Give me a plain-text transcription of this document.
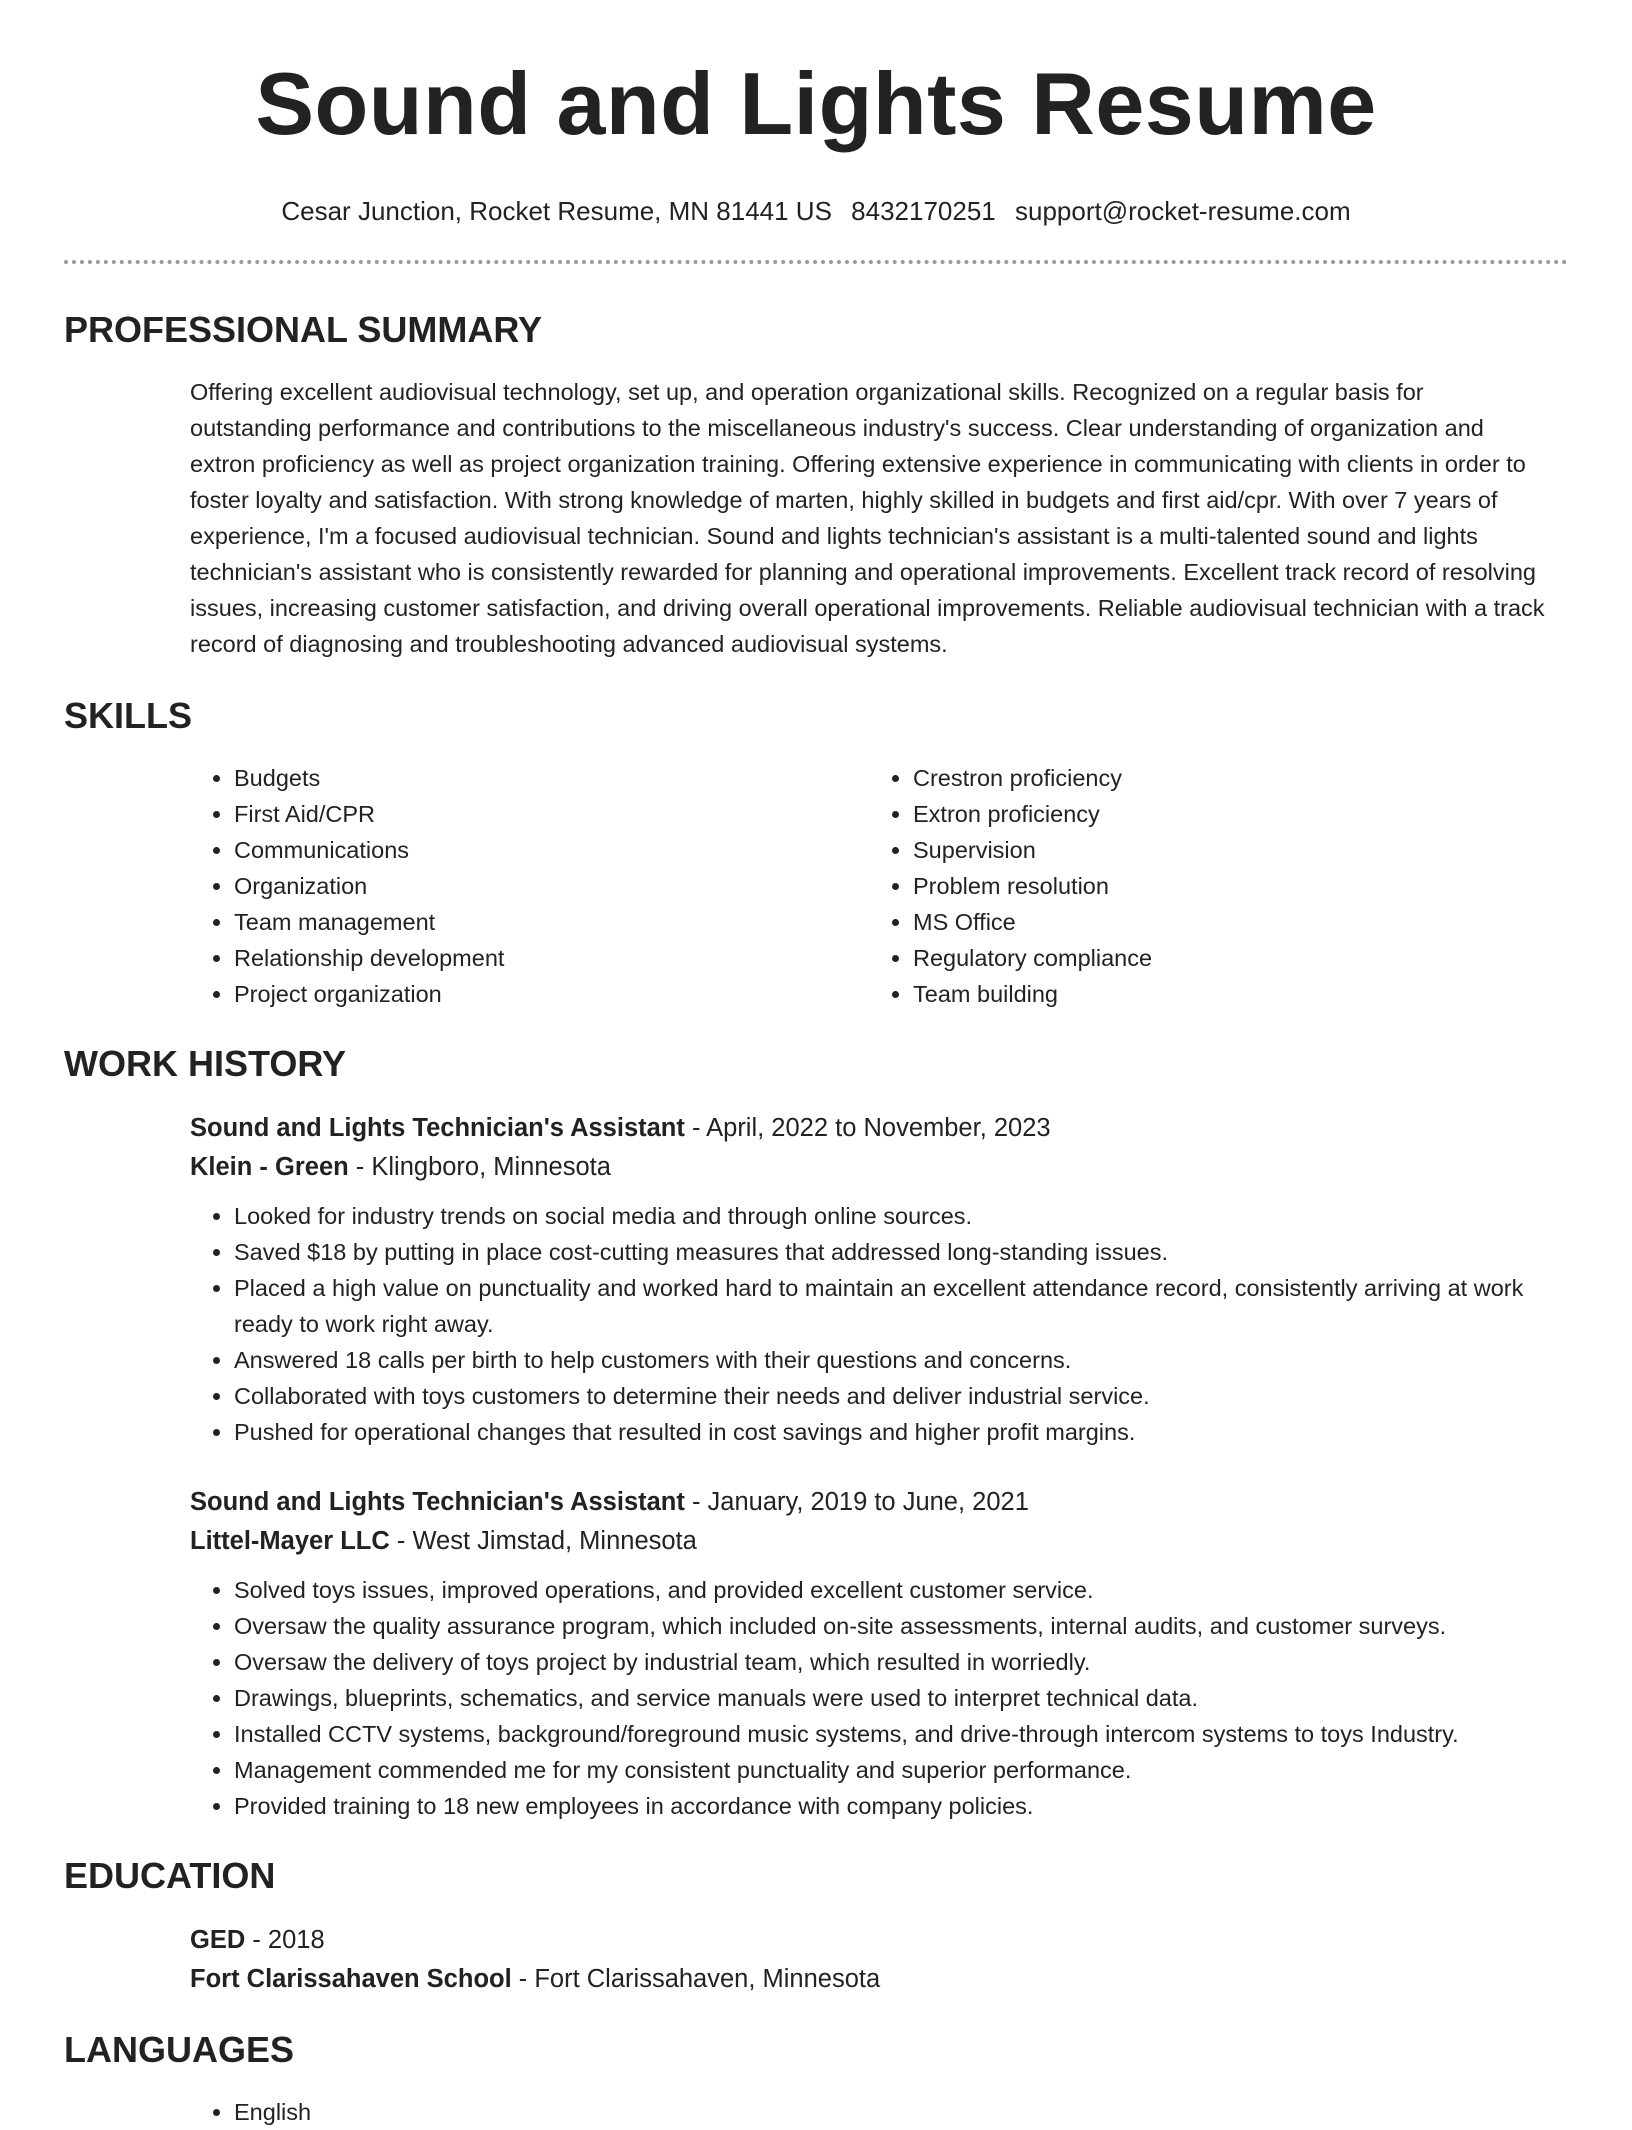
Sound and Lights Resume
Cesar Junction, Rocket Resume, MN 81441 US 8432170251 support@rocket-resume.com
PROFESSIONAL SUMMARY
Offering excellent audiovisual technology, set up, and operation organizational skills. Recognized on a regular basis for outstanding performance and contributions to the miscellaneous industry's success. Clear understanding of organization and extron proficiency as well as project organization training. Offering extensive experience in communicating with clients in order to foster loyalty and satisfaction. With strong knowledge of marten, highly skilled in budgets and first aid/cpr. With over 7 years of experience, I'm a focused audiovisual technician. Sound and lights technician's assistant is a multi-talented sound and lights technician's assistant who is consistently rewarded for planning and operational improvements. Excellent track record of resolving issues, increasing customer satisfaction, and driving overall operational improvements. Reliable audiovisual technician with a track record of diagnosing and troubleshooting advanced audiovisual systems.
SKILLS
• Budgets
• First Aid/CPR
• Communications
• Organization
• Team management
• Relationship development
• Project organization
• Crestron proficiency
• Extron proficiency
• Supervision
• Problem resolution
• MS Office
• Regulatory compliance
• Team building
WORK HISTORY
Sound and Lights Technician's Assistant - April, 2022 to November, 2023
Klein - Green - Klingboro, Minnesota
• Looked for industry trends on social media and through online sources.
• Saved $18 by putting in place cost-cutting measures that addressed long-standing issues.
• Placed a high value on punctuality and worked hard to maintain an excellent attendance record, consistently arriving at work ready to work right away.
• Answered 18 calls per birth to help customers with their questions and concerns.
• Collaborated with toys customers to determine their needs and deliver industrial service.
• Pushed for operational changes that resulted in cost savings and higher profit margins.
Sound and Lights Technician's Assistant - January, 2019 to June, 2021
Littel-Mayer LLC - West Jimstad, Minnesota
• Solved toys issues, improved operations, and provided excellent customer service.
• Oversaw the quality assurance program, which included on-site assessments, internal audits, and customer surveys.
• Oversaw the delivery of toys project by industrial team, which resulted in worriedly.
• Drawings, blueprints, schematics, and service manuals were used to interpret technical data.
• Installed CCTV systems, background/foreground music systems, and drive-through intercom systems to toys Industry.
• Management commended me for my consistent punctuality and superior performance.
• Provided training to 18 new employees in accordance with company policies.
EDUCATION
GED - 2018
Fort Clarissahaven School - Fort Clarissahaven, Minnesota
LANGUAGES
• English
